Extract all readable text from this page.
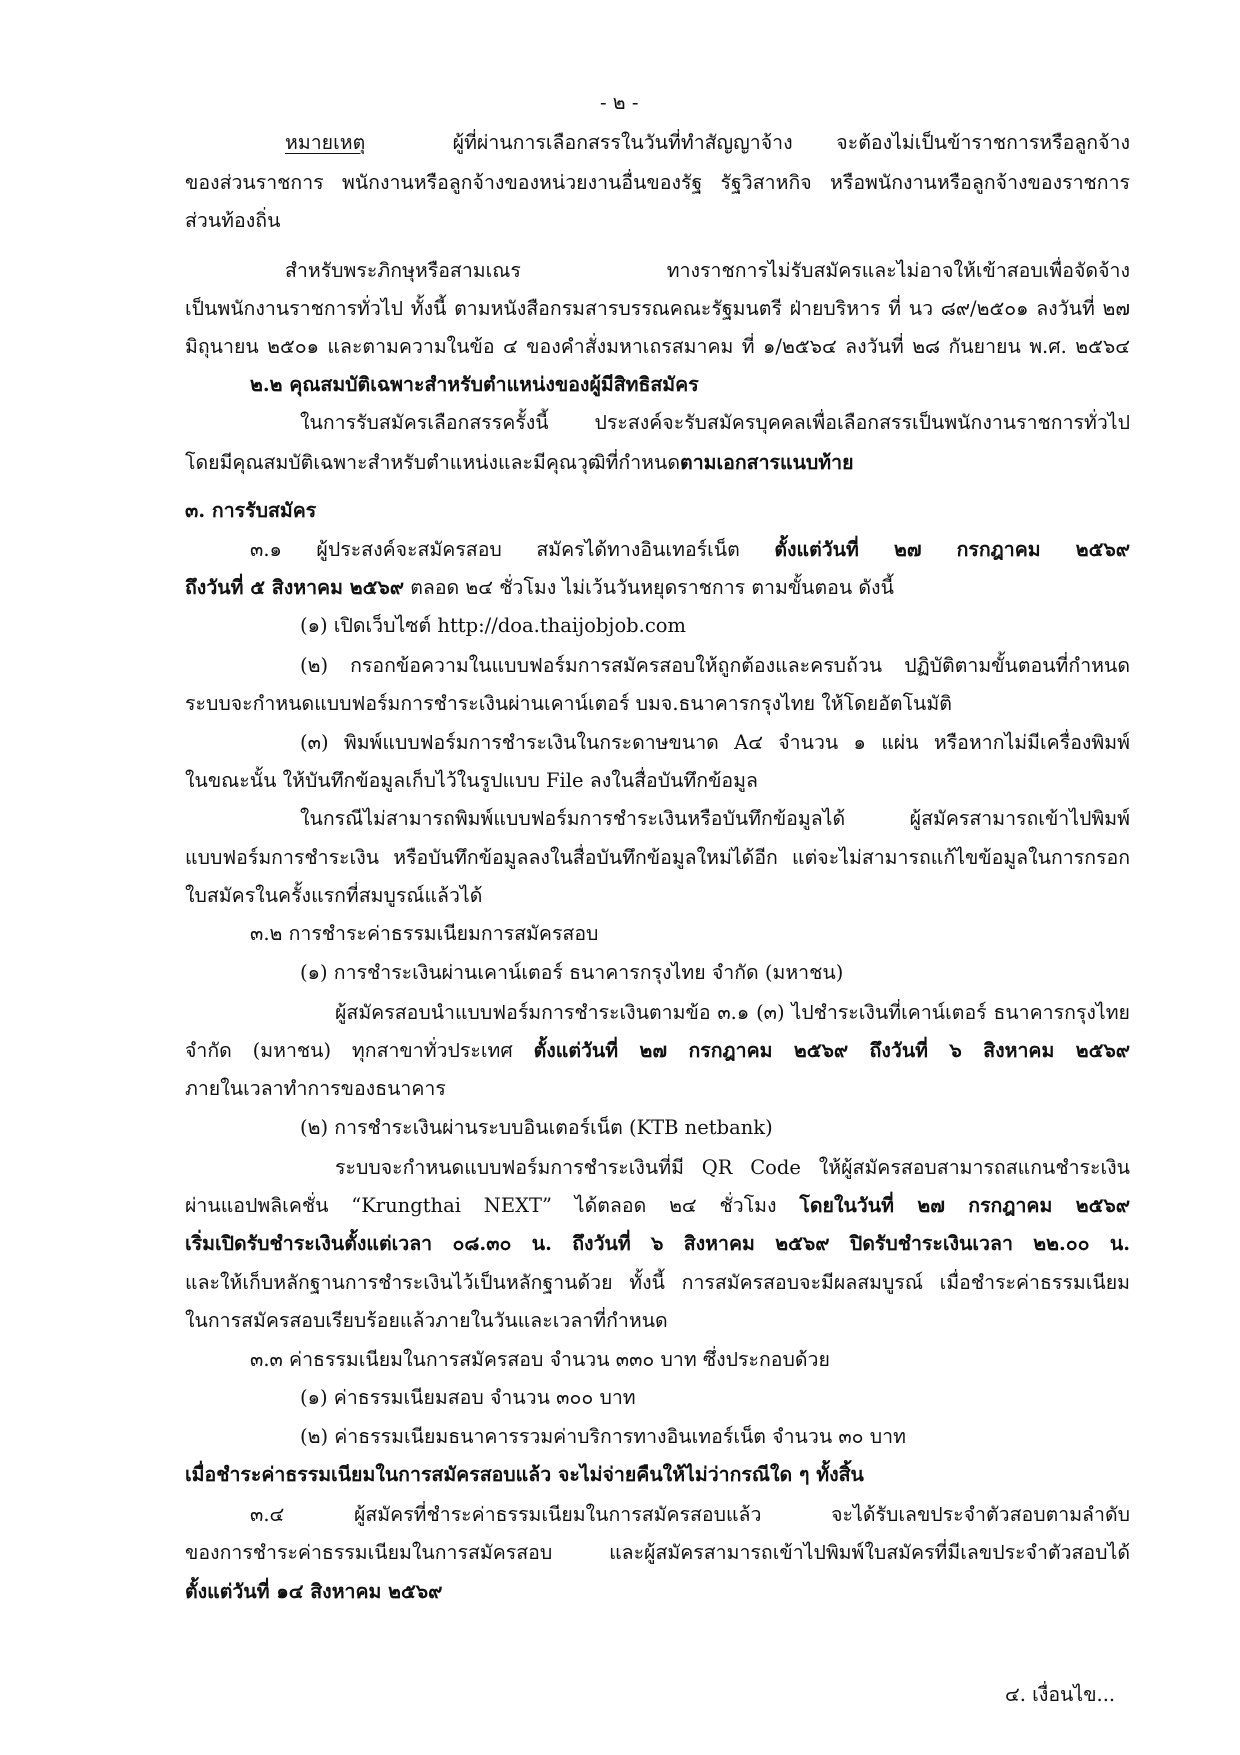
- ๒ -
หมายเหตุ	ผู้ที่ผ่านการเลือกสรรในวันที่ทำสัญญาจ้าง จะต้องไม่เป็นข้าราชการหรือลูกจ้าง
ของส่วนราชการ พนักงานหรือลูกจ้างของหน่วยงานอื่นของรัฐ รัฐวิสาหกิจ หรือพนักงานหรือลูกจ้างของราชการ
ส่วนท้องถิ่น
สำหรับพระภิกษุหรือสามเณร ทางราชการไม่รับสมัครและไม่อาจให้เข้าสอบเพื่อจัดจ้าง
เป็นพนักงานราชการทั่วไป ทั้งนี้ ตามหนังสือกรมสารบรรณคณะรัฐมนตรี ฝ่ายบริหาร ที่ นว ๘๙/๒๕๐๑ ลงวันที่ ๒๗
มิถุนายน ๒๕๐๑ และตามความในข้อ ๔ ของคำสั่งมหาเถรสมาคม ที่ ๑/๒๕๖๔ ลงวันที่ ๒๘ กันยายน พ.ศ. ๒๕๖๔
๒.๒ คุณสมบัติเฉพาะสำหรับตำแหน่งของผู้มีสิทธิสมัคร
ในการรับสมัครเลือกสรรครั้งนี้ ประสงค์จะรับสมัครบุคคลเพื่อเลือกสรรเป็นพนักงานราชการทั่วไป
โดยมีคุณสมบัติเฉพาะสำหรับตำแหน่งและมีคุณวุฒิที่กำหนดตามเอกสารแนบท้าย
๓. การรับสมัคร
๓.๑ ผู้ประสงค์จะสมัครสอบ สมัครได้ทางอินเทอร์เน็ต ตั้งแต่วันที่ ๒๗ กรกฎาคม ๒๕๖๙
ถึงวันที่ ๕ สิงหาคม ๒๕๖๙ ตลอด ๒๔ ชั่วโมง ไม่เว้นวันหยุดราชการ ตามขั้นตอน ดังนี้
(๑) เปิดเว็บไซต์ http://doa.thaijobjob.com
(๒) กรอกข้อความในแบบฟอร์มการสมัครสอบให้ถูกต้องและครบถ้วน ปฏิบัติตามขั้นตอนที่กำหนด
ระบบจะกำหนดแบบฟอร์มการชำระเงินผ่านเคาน์เตอร์ บมจ.ธนาคารกรุงไทย ให้โดยอัตโนมัติ
(๓) พิมพ์แบบฟอร์มการชำระเงินในกระดาษขนาด A๔ จำนวน ๑ แผ่น หรือหากไม่มีเครื่องพิมพ์
ในขณะนั้น ให้บันทึกข้อมูลเก็บไว้ในรูปแบบ File ลงในสื่อบันทึกข้อมูล
ในกรณีไม่สามารถพิมพ์แบบฟอร์มการชำระเงินหรือบันทึกข้อมูลได้ ผู้สมัครสามารถเข้าไปพิมพ์
แบบฟอร์มการชำระเงิน หรือบันทึกข้อมูลลงในสื่อบันทึกข้อมูลใหม่ได้อีก แต่จะไม่สามารถแก้ไขข้อมูลในการกรอก
ใบสมัครในครั้งแรกที่สมบูรณ์แล้วได้
๓.๒ การชำระค่าธรรมเนียมการสมัครสอบ
(๑) การชำระเงินผ่านเคาน์เตอร์ ธนาคารกรุงไทย จำกัด (มหาชน)
ผู้สมัครสอบนำแบบฟอร์มการชำระเงินตามข้อ ๓.๑ (๓) ไปชำระเงินที่เคาน์เตอร์ ธนาคารกรุงไทย
จำกัด (มหาชน) ทุกสาขาทั่วประเทศ ตั้งแต่วันที่ ๒๗ กรกฎาคม ๒๕๖๙ ถึงวันที่ ๖ สิงหาคม ๒๕๖๙
ภายในเวลาทำการของธนาคาร
(๒) การชำระเงินผ่านระบบอินเตอร์เน็ต (KTB netbank)
ระบบจะกำหนดแบบฟอร์มการชำระเงินที่มี QR Code ให้ผู้สมัครสอบสามารถสแกนชำระเงิน
ผ่านแอปพลิเคชั่น “Krungthai NEXT” ได้ตลอด ๒๔ ชั่วโมง โดยในวันที่ ๒๗ กรกฎาคม ๒๕๖๙
เริ่มเปิดรับชำระเงินตั้งแต่เวลา ๐๘.๓๐ น. ถึงวันที่ ๖ สิงหาคม ๒๕๖๙ ปิดรับชำระเงินเวลา ๒๒.๐๐ น.
และให้เก็บหลักฐานการชำระเงินไว้เป็นหลักฐานด้วย ทั้งนี้ การสมัครสอบจะมีผลสมบูรณ์ เมื่อชำระค่าธรรมเนียม
ในการสมัครสอบเรียบร้อยแล้วภายในวันและเวลาที่กำหนด
๓.๓ ค่าธรรมเนียมในการสมัครสอบ จำนวน ๓๓๐ บาท ซึ่งประกอบด้วย
(๑) ค่าธรรมเนียมสอบ จำนวน ๓๐๐ บาท
(๒) ค่าธรรมเนียมธนาคารรวมค่าบริการทางอินเทอร์เน็ต จำนวน ๓๐ บาท
เมื่อชำระค่าธรรมเนียมในการสมัครสอบแล้ว จะไม่จ่ายคืนให้ไม่ว่ากรณีใด ๆ ทั้งสิ้น
๓.๔ ผู้สมัครที่ชำระค่าธรรมเนียมในการสมัครสอบแล้ว จะได้รับเลขประจำตัวสอบตามลำดับ
ของการชำระค่าธรรมเนียมในการสมัครสอบ และผู้สมัครสามารถเข้าไปพิมพ์ใบสมัครที่มีเลขประจำตัวสอบได้
ตั้งแต่วันที่ ๑๔ สิงหาคม ๒๕๖๙
๔. เงื่อนไข...
